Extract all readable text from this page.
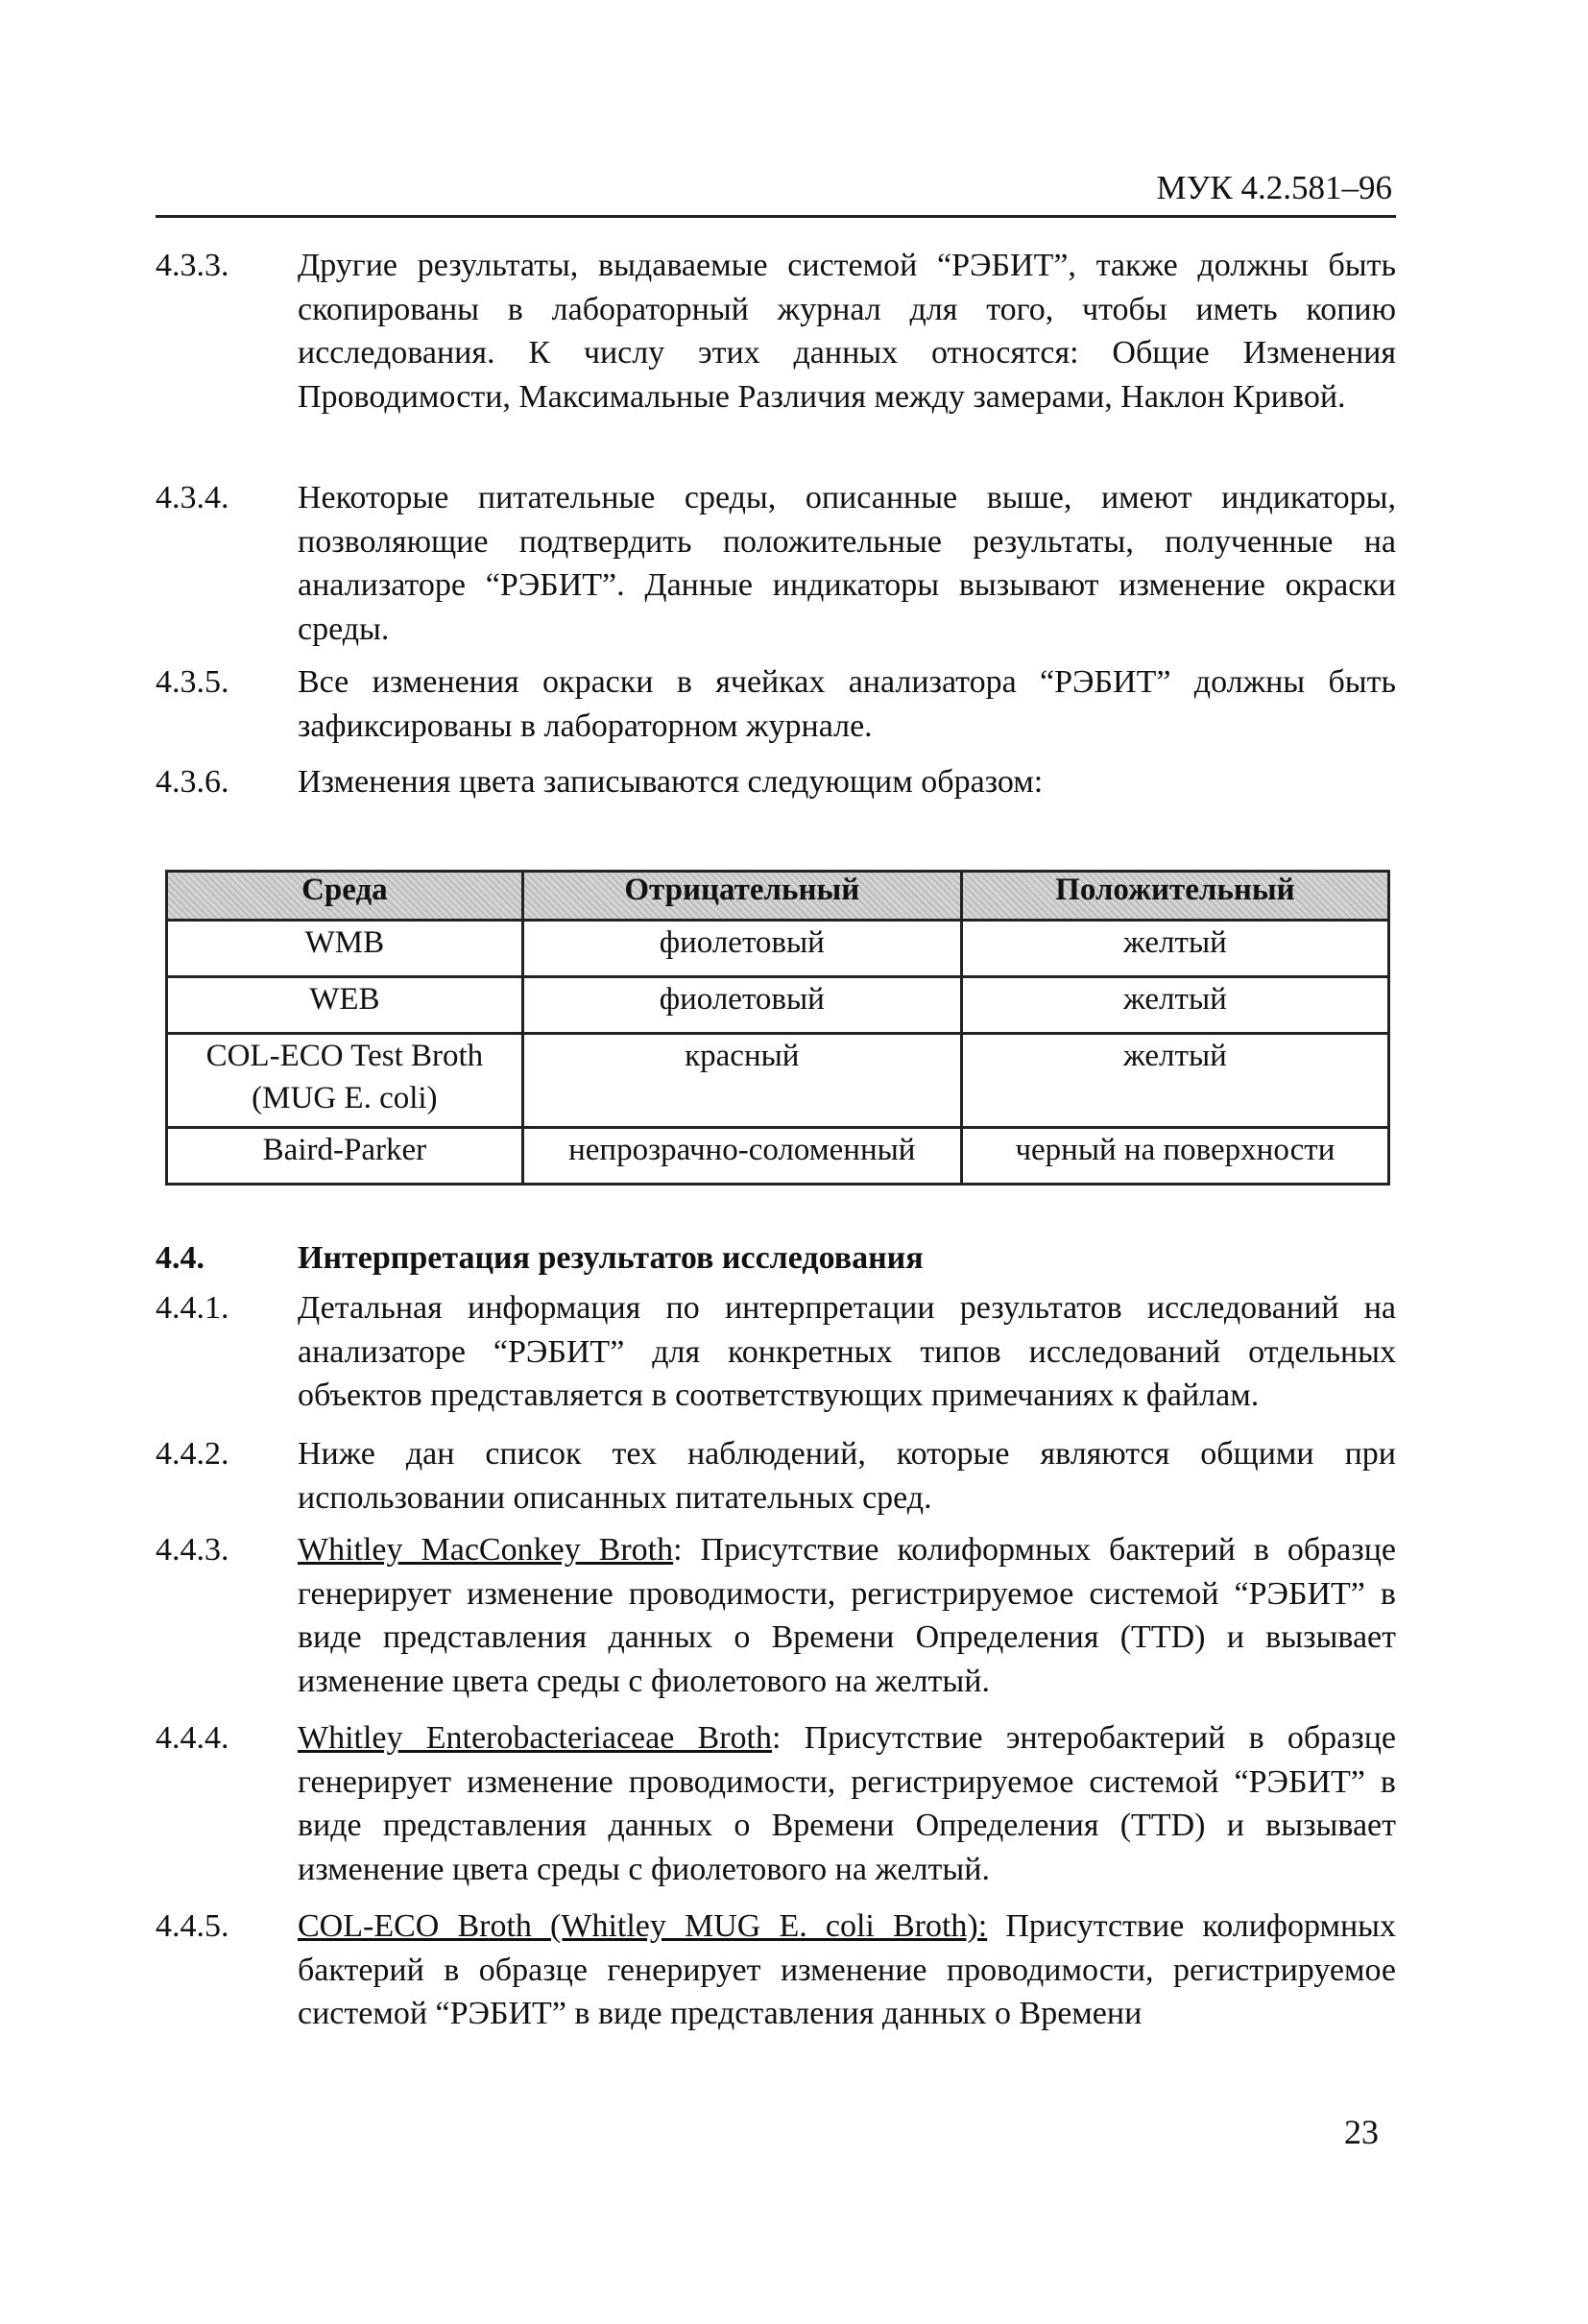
МУК 4.2.581–96
4.3.3. Другие результаты, выдаваемые системой “РЭБИТ”, также должны быть скопированы в лабораторный журнал для того, чтобы иметь копию исследования. К числу этих данных относятся: Общие Изменения Проводимости, Максимальные Различия между замерами, Наклон Кривой.
4.3.4. Некоторые питательные среды, описанные выше, имеют индикаторы, позволяющие подтвердить положительные результаты, полученные на анализаторе “РЭБИТ”. Данные индикаторы вызывают изменение окраски среды.
4.3.5. Все изменения окраски в ячейках анализатора “РЭБИТ” должны быть зафиксированы в лабораторном журнале.
4.3.6. Изменения цвета записываются следующим образом:
Среда	Отрицательный	Положительный
WMB	фиолетовый	желтый
WEB	фиолетовый	желтый
COL-ECO Test Broth (MUG E. coli)	красный	желтый
Baird-Parker	непрозрачно-соломенный	черный на поверхности
4.4.	Интерпретация результатов исследования
4.4.1. Детальная информация по интерпретации результатов исследований на анализаторе “РЭБИТ” для конкретных типов исследований отдельных объектов представляется в соответствующих примечаниях к файлам.
4.4.2. Ниже дан список тех наблюдений, которые являются общими при использовании описанных питательных сред.
4.4.3. Whitley MacConkey Broth: Присутствие колиформных бактерий в образце генерирует изменение проводимости, регистрируемое системой “РЭБИТ” в виде представления данных о Времени Определения (TTD) и вызывает изменение цвета среды с фиолетового на желтый.
4.4.4. Whitley Enterobacteriaceae Broth: Присутствие энтеробактерий в образце генерирует изменение проводимости, регистрируемое системой “РЭБИТ” в виде представления данных о Времени Определения (TTD) и вызывает изменение цвета среды с фиолетового на желтый.
4.4.5. COL-ECO Broth (Whitley MUG E. coli Broth): Присутствие колиформных бактерий в образце генерирует изменение проводимости, регистрируемое системой “РЭБИТ” в виде представления данных о Времени
23
